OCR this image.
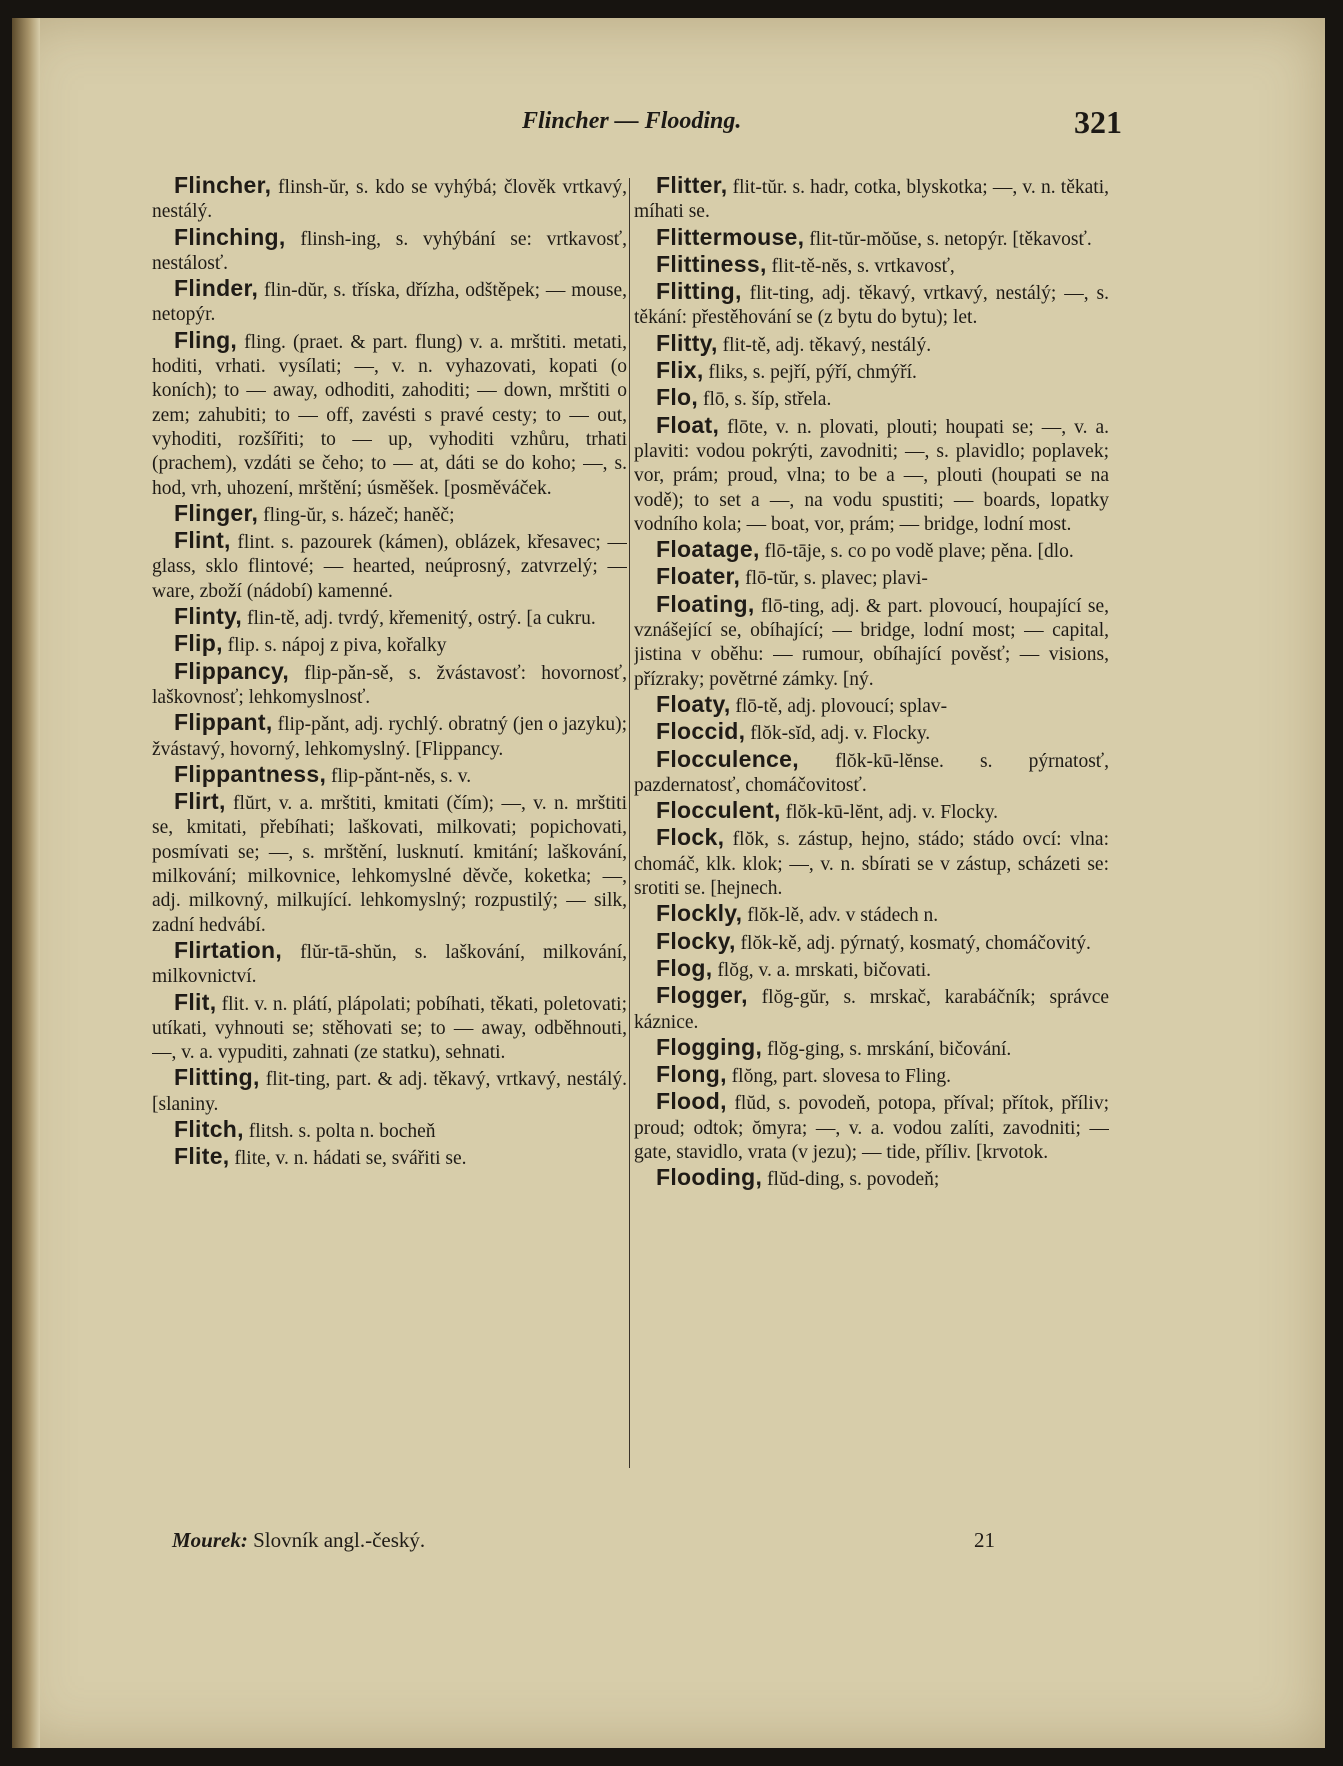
Flincher — Flooding.	321

Flincher, flinsh-ŭr, s. kdo se vyhýbá; člověk vrtkavý, nestálý.

Flinching, flinsh-ing, s. vyhýbání se: vrtkavosť, nestálosť.

Flinder, flin-dŭr, s. tříska, dřízha, odštěpek; — mouse, netopýr.

Fling, fling. (praet. & part. flung) v. a. mrštiti. metati, hoditi, vrhati. vysílati; —, v. n. vyhazovati, kopati (o koních); to — away, odhoditi, zahoditi; — down, mrštiti o zem; zahubiti; to — off, zavésti s pravé cesty; to — out, vyhoditi, rozšířiti; to — up, vyhoditi vzhůru, trhati (prachem), vzdáti se čeho; to — at, dáti se do koho; —, s. hod, vrh, uhození, mrštění; úsměšek. [posměváček.

Flinger, fling-ŭr, s. házeč; haněč;

Flint, flint. s. pazourek (kámen), oblázek, křesavec; — glass, sklo flintové; — hearted, neúprosný, zatvrzelý; — ware, zboží (nádobí) kamenné.

Flinty, flin-tě, adj. tvrdý, křemenitý, ostrý. [a cukru.

Flip, flip. s. nápoj z piva, kořalky

Flippancy, flip-pǎn-sě, s. žvástavosť: hovornosť, laškovnosť; lehkomyslnosť.

Flippant, flip-pǎnt, adj. rychlý. obratný (jen o jazyku); žvástavý, hovorný, lehkomyslný. [Flippancy.

Flippantness, flip-pǎnt-něs, s. v.

Flirt, flŭrt, v. a. mrštiti, kmitati (čím); —, v. n. mrštiti se, kmitati, přebíhati; laškovati, milkovati; popichovati, posmívati se; —, s. mrštění, lusknutí. kmitání; laškování, milkování; milkovnice, lehkomyslné děvče, koketka; —, adj. milkovný, milkující. lehkomyslný; rozpustilý; — silk, zadní hedvábí.

Flirtation, flŭr-tā-shŭn, s. laškování, milkování, milkovnictví.

Flit, flit. v. n. plátí, plápolati; pobíhati, těkati, poletovati; utíkati, vyhnouti se; stěhovati se; to — away, odběhnouti, —, v. a. vypuditi, zahnati (ze statku), sehnati.

Flitting, flit-ting, part. & adj. těkavý, vrtkavý, nestálý. [slaniny.

Flitch, flitsh. s. polta n. bocheň

Flite, flite, v. n. hádati se, svářiti se.

Flitter, flit-tŭr. s. hadr, cotka, blyskotka; —, v. n. těkati, míhati se.

Flittermouse, flit-tŭr-mŏŭse, s. netopýr. [těkavosť.

Flittiness, flit-tě-nĕs, s. vrtkavosť,

Flitting, flit-ting, adj. těkavý, vrtkavý, nestálý; —, s. těkání: přestěhování se (z bytu do bytu); let.

Flitty, flit-tě, adj. těkavý, nestálý.

Flix, fliks, s. pejří, pýří, chmýří.

Flo, flō, s. šíp, střela.

Float, flōte, v. n. plovati, plouti; houpati se; —, v. a. plaviti: vodou pokrýti, zavodniti; —, s. plavidlo; poplavek; vor, prám; proud, vlna; to be a —, plouti (houpati se na vodě); to set a —, na vodu spustiti; — boards, lopatky vodního kola; — boat, vor, prám; — bridge, lodní most.

Floatage, flō-tāje, s. co po vodě plave; pěna. [dlo.

Floater, flō-tŭr, s. plavec; plavi-

Floating, flō-ting, adj. & part. plovoucí, houpající se, vznášející se, obíhající; — bridge, lodní most; — capital, jistina v oběhu: — rumour, obíhající pověsť; — visions, přízraky; povětrné zámky. [ný.

Floaty, flō-tě, adj. plovoucí; splav-

Floccid, flŏk-sĭd, adj. v. Flocky.

Flocculence, flŏk-kū-lĕnse. s. pýrnatosť, pazdernatosť, chomáčovitosť.

Flocculent, flŏk-kū-lĕnt, adj. v. Flocky.

Flock, flŏk, s. zástup, hejno, stádo; stádo ovcí: vlna: chomáč, klk. klok; —, v. n. sbírati se v zástup, scházeti se: srotiti se. [hejnech.

Flockly, flŏk-lě, adv. v stádech n.

Flocky, flŏk-kě, adj. pýrnatý, kosmatý, chomáčovitý.

Flog, flŏg, v. a. mrskati, bičovati.

Flogger, flŏg-gŭr, s. mrskač, karabáčník; správce káznice.

Flogging, flŏg-ging, s. mrskání, bičování.

Flong, flŏng, part. slovesa to Fling.

Flood, flŭd, s. povodeň, potopa, příval; přítok, příliv; proud; odtok; ŏmyra; —, v. a. vodou zalíti, zavodniti; — gate, stavidlo, vrata (v jezu); — tide, příliv. [krvotok.

Flooding, flŭd-ding, s. povodeň;

Mourek: Slovník angl.-český.	21
